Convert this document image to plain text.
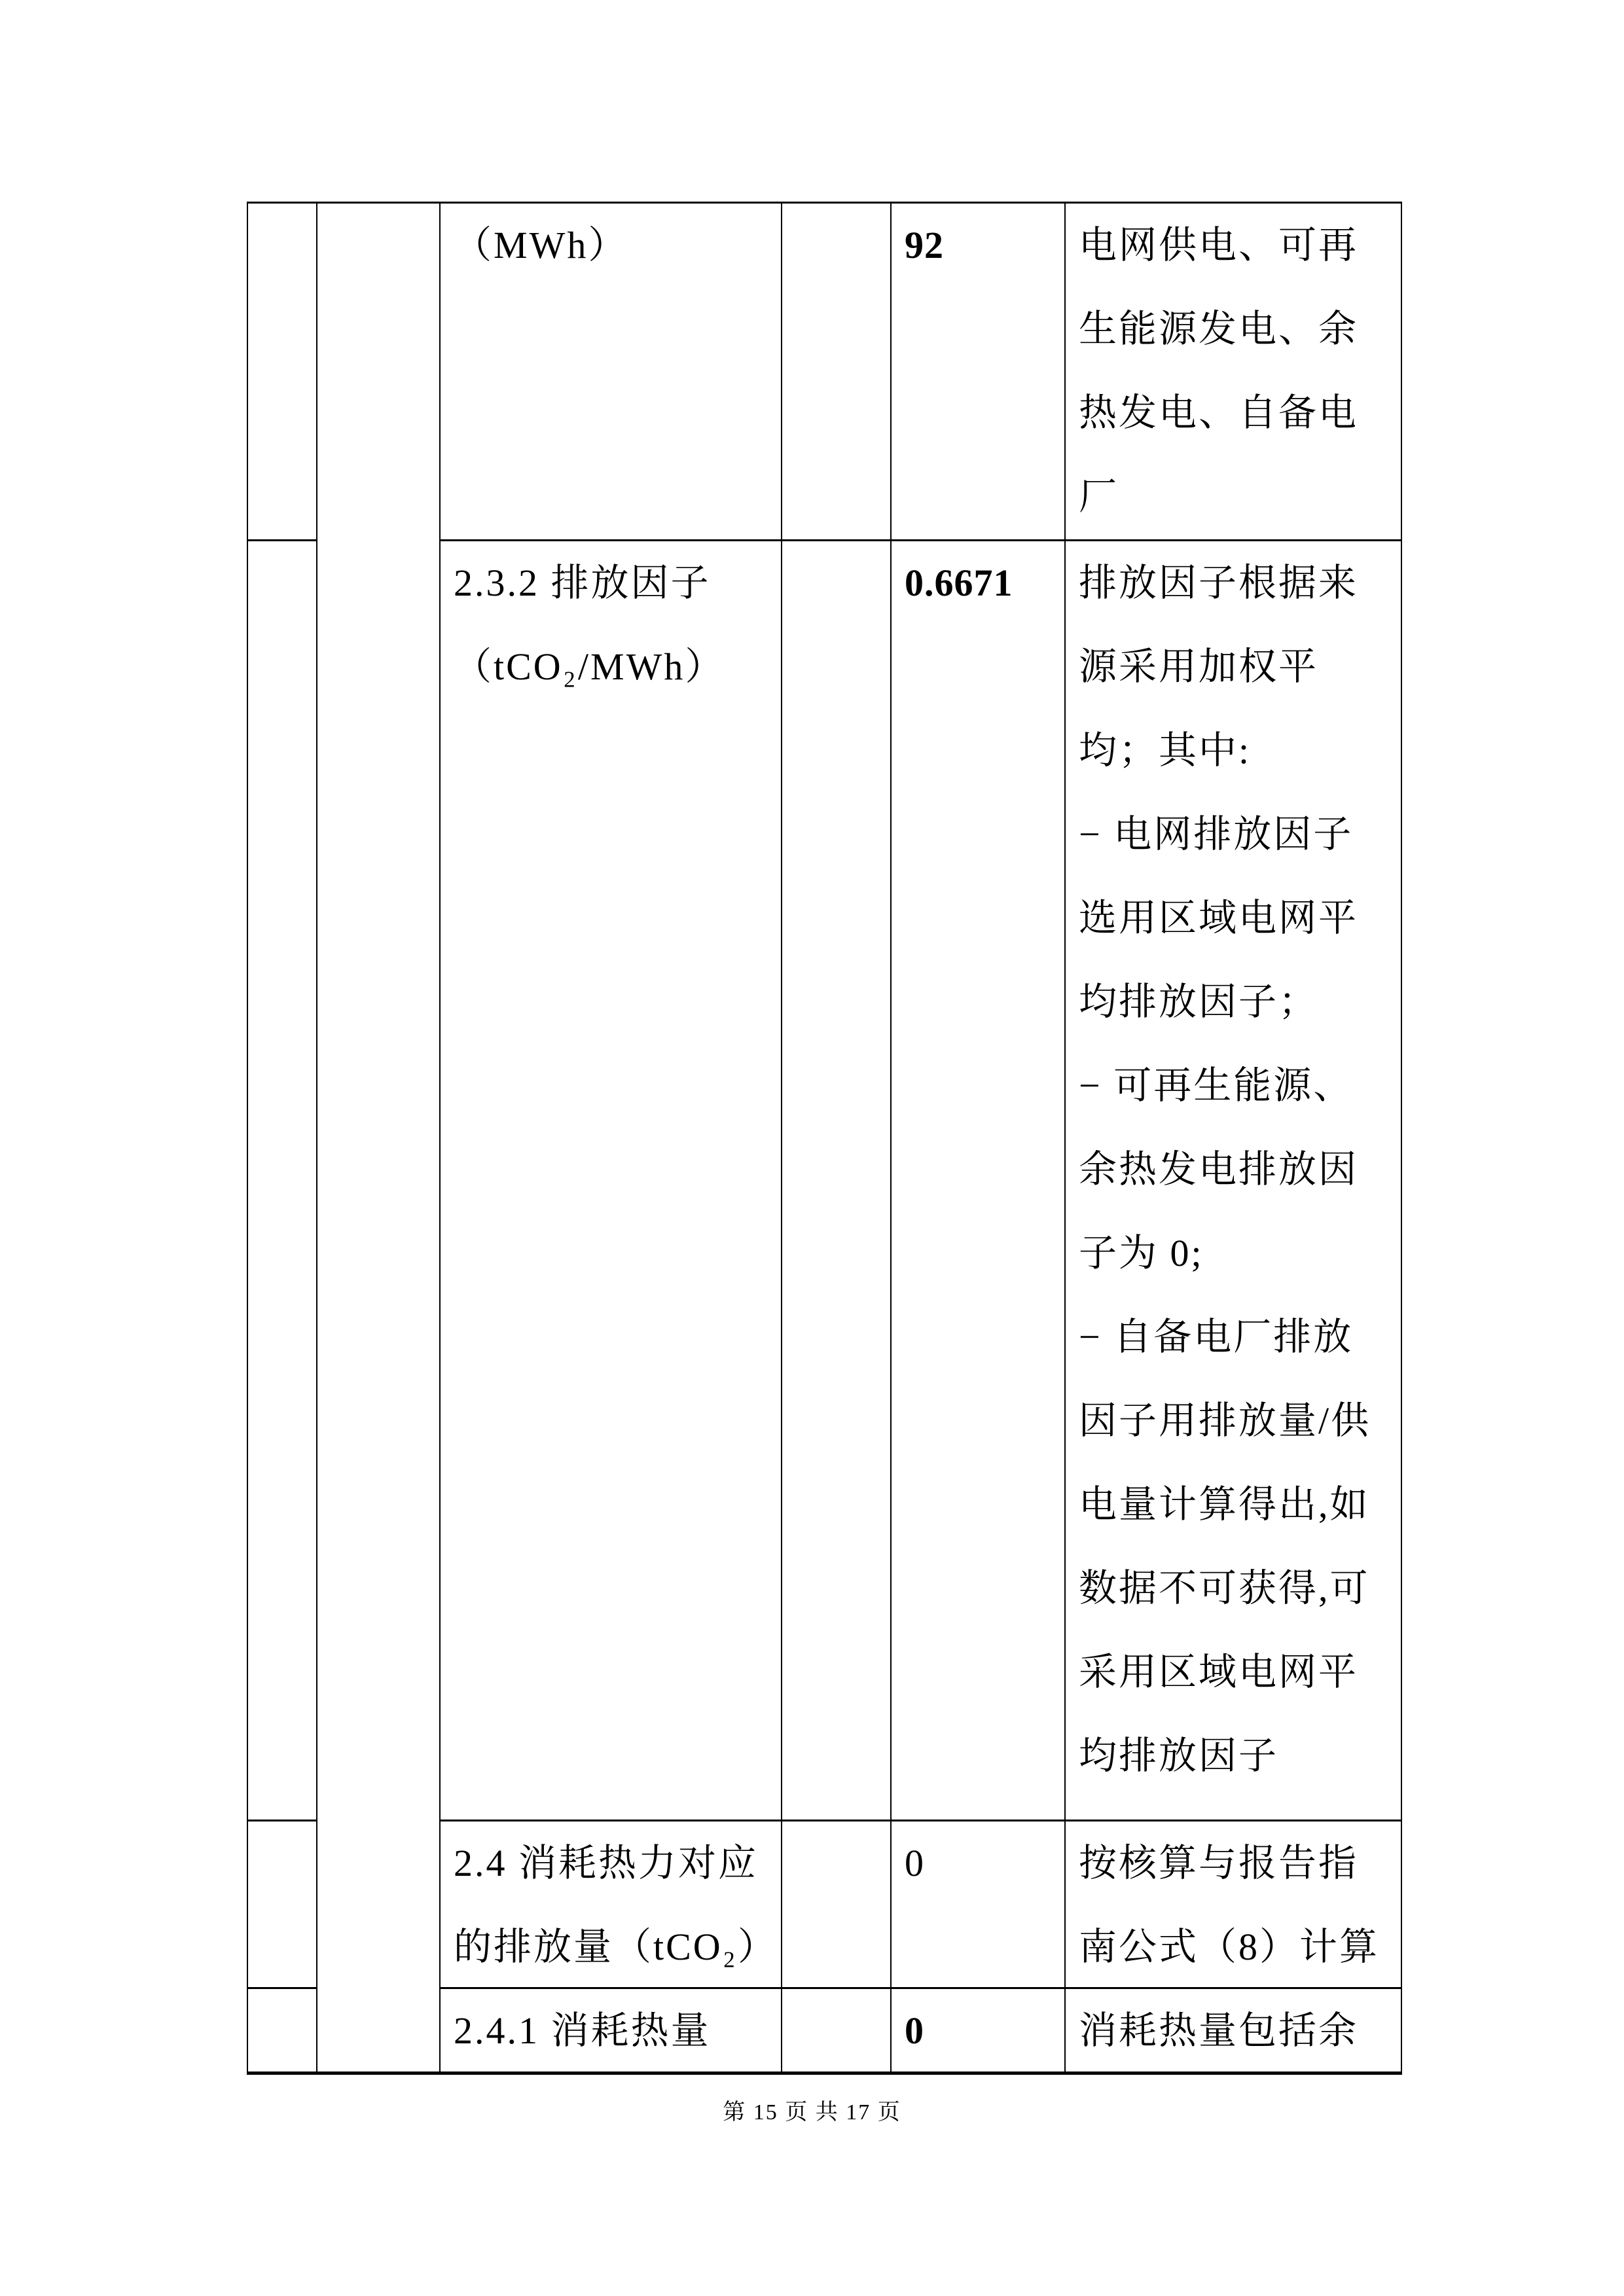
（MWh）	92	电网供电、可再
生能源发电、余
热发电、自备电
厂
2.3.2 排放因子
（tCO₂/MWh）
0.6671	排放因子根据来
源采用加权平
均；其中:
− 电网排放因子
选用区域电网平
均排放因子；
− 可再生能源、
余热发电排放因
子为 0;
− 自备电厂排放
因子用排放量/供
电量计算得出,如
数据不可获得,可
采用区域电网平
均排放因子
2.4 消耗热力对应
的排放量（tCO₂）
0	按核算与报告指
南公式（8）计算
2.4.1 消耗热量	0	消耗热量包括余
第 15 页 共 17 页
